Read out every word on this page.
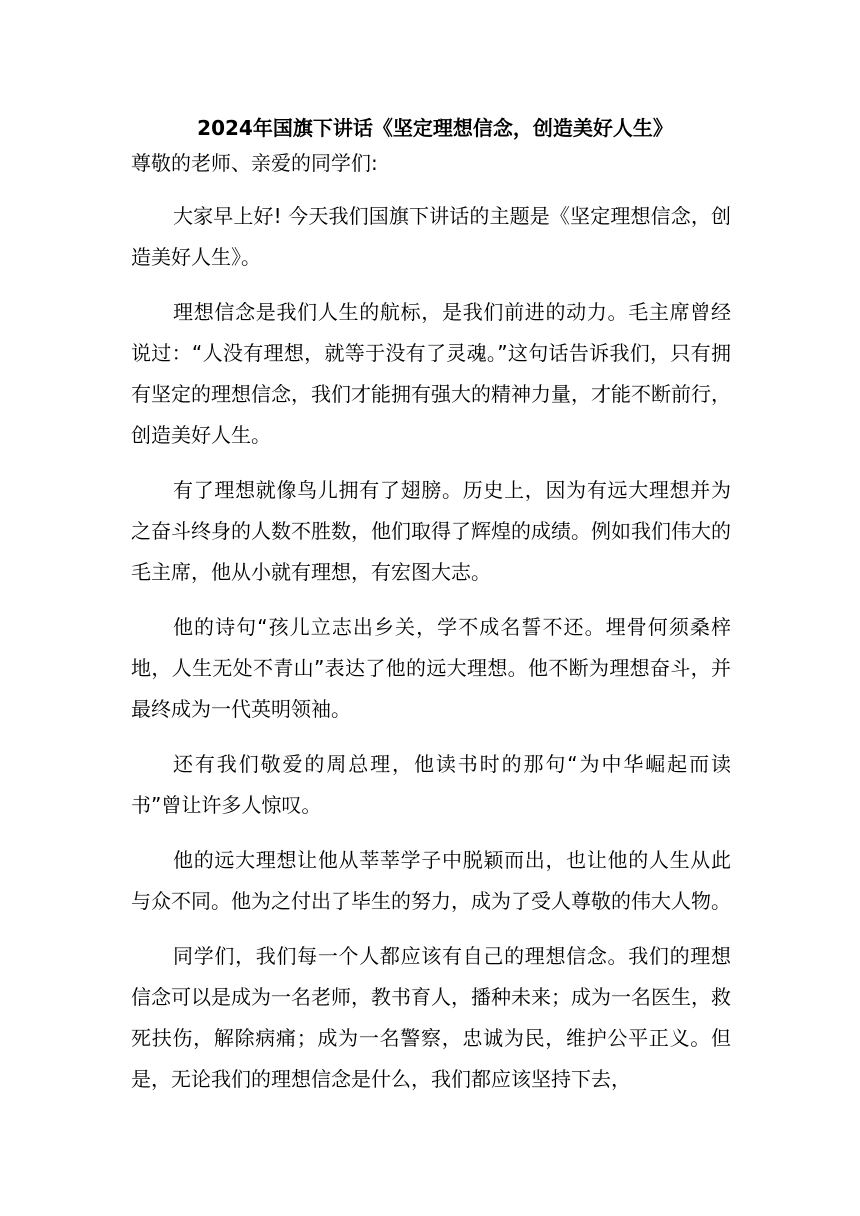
2024年国旗下讲话《坚定理想信念，创造美好人生》

尊敬的老师、亲爱的同学们:

大家早上好! 今天我们国旗下讲话的主题是《坚定理想信念，创造美好人生》。

理想信念是我们人生的航标，是我们前进的动力。毛主席曾经说过：“人没有理想，就等于没有了灵魂。”这句话告诉我们，只有拥有坚定的理想信念，我们才能拥有强大的精神力量，才能不断前行，创造美好人生。

有了理想就像鸟儿拥有了翅膀。历史上，因为有远大理想并为之奋斗终身的人数不胜数，他们取得了辉煌的成绩。例如我们伟大的毛主席，他从小就有理想，有宏图大志。

他的诗句“孩儿立志出乡关，学不成名誓不还。埋骨何须桑梓地，人生无处不青山”表达了他的远大理想。他不断为理想奋斗，并最终成为一代英明领袖。

还有我们敬爱的周总理，他读书时的那句“为中华崛起而读书”曾让许多人惊叹。

他的远大理想让他从莘莘学子中脱颖而出，也让他的人生从此与众不同。他为之付出了毕生的努力，成为了受人尊敬的伟大人物。

同学们，我们每一个人都应该有自己的理想信念。我们的理想信念可以是成为一名老师，教书育人，播种未来；成为一名医生，救死扶伤，解除病痛；成为一名警察，忠诚为民，维护公平正义。但是，无论我们的理想信念是什么，我们都应该坚持下去，
